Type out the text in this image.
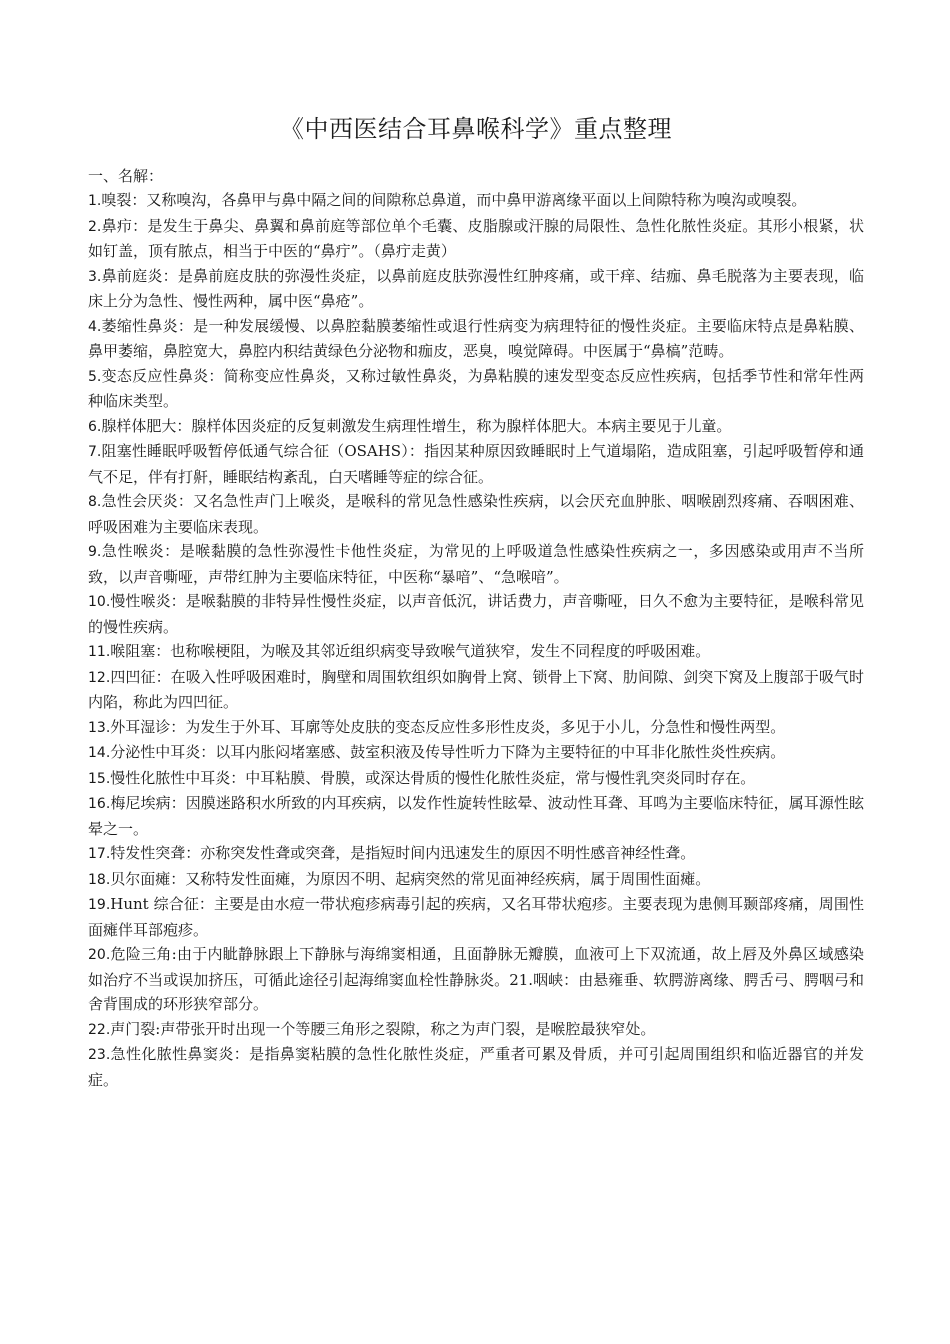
《中西医结合耳鼻喉科学》重点整理

一、名解：

1.嗅裂：又称嗅沟，各鼻甲与鼻中隔之间的间隙称总鼻道，而中鼻甲游离缘平面以上间隙特称为嗅沟或嗅裂。

2.鼻疖：是发生于鼻尖、鼻翼和鼻前庭等部位单个毛囊、皮脂腺或汗腺的局限性、急性化脓性炎症。其形小根紧，状如钉盖，顶有脓点，相当于中医的“鼻疔”。（鼻疔走黄）

3.鼻前庭炎：是鼻前庭皮肤的弥漫性炎症，以鼻前庭皮肤弥漫性红肿疼痛，或干痒、结痂、鼻毛脱落为主要表现，临床上分为急性、慢性两种，属中医“鼻疮”。

4.萎缩性鼻炎：是一种发展缓慢、以鼻腔黏膜萎缩性或退行性病变为病理特征的慢性炎症。主要临床特点是鼻粘膜、鼻甲萎缩，鼻腔宽大，鼻腔内积结黄绿色分泌物和痂皮，恶臭，嗅觉障碍。中医属于“鼻槁”范畴。

5.变态反应性鼻炎：简称变应性鼻炎，又称过敏性鼻炎，为鼻粘膜的速发型变态反应性疾病，包括季节性和常年性两种临床类型。

6.腺样体肥大：腺样体因炎症的反复刺激发生病理性增生，称为腺样体肥大。本病主要见于儿童。

7.阻塞性睡眠呼吸暂停低通气综合征（OSAHS）：指因某种原因致睡眠时上气道塌陷，造成阻塞，引起呼吸暂停和通气不足，伴有打鼾，睡眠结构紊乱，白天嗜睡等症的综合征。

8.急性会厌炎：又名急性声门上喉炎，是喉科的常见急性感染性疾病，以会厌充血肿胀、咽喉剧烈疼痛、吞咽困难、呼吸困难为主要临床表现。

9.急性喉炎：是喉黏膜的急性弥漫性卡他性炎症，为常见的上呼吸道急性感染性疾病之一，多因感染或用声不当所致，以声音嘶哑，声带红肿为主要临床特征，中医称“暴喑”、“急喉喑”。

10.慢性喉炎：是喉黏膜的非特异性慢性炎症，以声音低沉，讲话费力，声音嘶哑，日久不愈为主要特征，是喉科常见的慢性疾病。

11.喉阻塞：也称喉梗阻，为喉及其邻近组织病变导致喉气道狭窄，发生不同程度的呼吸困难。

12.四凹征：在吸入性呼吸困难时，胸壁和周围软组织如胸骨上窝、锁骨上下窝、肋间隙、剑突下窝及上腹部于吸气时内陷，称此为四凹征。

13.外耳湿诊：为发生于外耳、耳廓等处皮肤的变态反应性多形性皮炎，多见于小儿，分急性和慢性两型。

14.分泌性中耳炎：以耳内胀闷堵塞感、鼓室积液及传导性听力下降为主要特征的中耳非化脓性炎性疾病。

15.慢性化脓性中耳炎：中耳粘膜、骨膜，或深达骨质的慢性化脓性炎症，常与慢性乳突炎同时存在。

16.梅尼埃病：因膜迷路积水所致的内耳疾病，以发作性旋转性眩晕、波动性耳聋、耳鸣为主要临床特征，属耳源性眩晕之一。

17.特发性突聋：亦称突发性聋或突聋，是指短时间内迅速发生的原因不明性感音神经性聋。

18.贝尔面瘫：又称特发性面瘫，为原因不明、起病突然的常见面神经疾病，属于周围性面瘫。

19.Hunt 综合征：主要是由水痘一带状疱疹病毒引起的疾病，又名耳带状疱疹。主要表现为患侧耳颞部疼痛，周围性面瘫伴耳部疱疹。

20.危险三角:由于内眦静脉跟上下静脉与海绵窦相通，且面静脉无瓣膜，血液可上下双流通，故上唇及外鼻区域感染如治疗不当或误加挤压，可循此途径引起海绵窦血栓性静脉炎。21.咽峡：由悬雍垂、软腭游离缘、腭舌弓、腭咽弓和舍背围成的环形狭窄部分。

22.声门裂:声带张开时出现一个等腰三角形之裂隙，称之为声门裂，是喉腔最狭窄处。

23.急性化脓性鼻窦炎：是指鼻窦粘膜的急性化脓性炎症，严重者可累及骨质，并可引起周围组织和临近器官的并发症。
